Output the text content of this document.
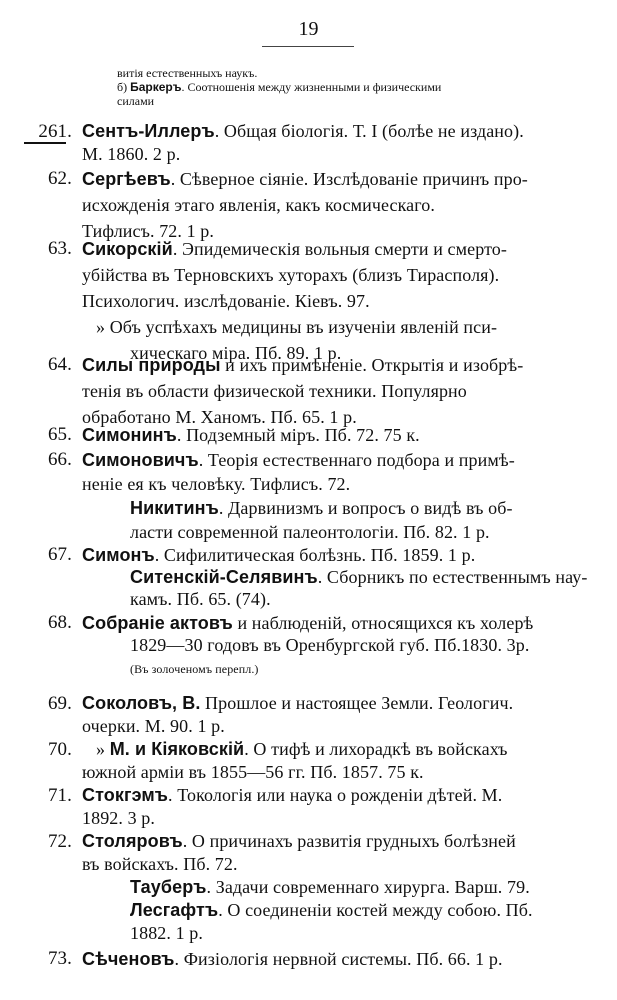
19
витія естественныхъ наукъ.
б) Баркеръ. Соотношенія между жизненными и физическими
силами
261. Сентъ-Иллеръ. Общая біологія. Т. I (болѣе не издано).
М. 1860. 2 р.
62. Сергѣевъ. Сѣверное сіяніе. Изслѣдованіе причинъ про-
исхожденія этаго явленія, какъ космическаго.
Тифлисъ. 72. 1 р.
63. Сикорскій. Эпидемическія вольныя смерти и смерто-
убійства въ Терновскихъ хуторахъ (близъ Тирасполя).
Психологич. изслѣдованіе. Кіевъ. 97.
» Объ успѣхахъ медицины въ изученіи явленій пси-
хическаго міра. Пб. 89. 1 р.
64. Силы природы и ихъ примѣненіе. Открытія и изобрѣ-
тенія въ области физической техники. Популярно
обработано М. Ханомъ. Пб. 65. 1 р.
65. Симонинъ. Подземный міръ. Пб. 72. 75 к.
66. Симоновичъ. Теорія естественнаго подбора и примѣ-
неніе ея къ человѣку. Тифлисъ. 72.
Никитинъ. Дарвинизмъ и вопросъ о видѣ въ об-
ласти современной палеонтологіи. Пб. 82. 1 р.
67. Симонъ. Сифилитическая болѣзнь. Пб. 1859. 1 р.
Ситенскій-Селявинъ. Сборникъ по естественнымъ нау-
камъ. Пб. 65. (74).
68. Собраніе актовъ и наблюденій, относящихся къ холерѣ
1829—30 годовъ въ Оренбургской губ. Пб.1830. 3р.
(Въ золоченомъ перепл.)
69. Соколовъ, В. Прошлое и настоящее Земли. Геологич.
очерки. М. 90. 1 р.
70.	» М. и Кіяковскій. О тифѣ и лихорадкѣ въ войскахъ
южной арміи въ 1855—56 гг. Пб. 1857. 75 к.
71. Стокгэмъ. Токологія или наука о рожденіи дѣтей. М.
1892. 3 р.
72. Столяровъ. О причинахъ развитія грудныхъ болѣзней
въ войскахъ. Пб. 72.
Тауберъ. Задачи современнаго хирурга. Варш. 79.
Лесгафтъ. О соединеніи костей между собою. Пб.
1882. 1 р.
73. Сѣченовъ. Физіологія нервной системы. Пб. 66. 1 р.
